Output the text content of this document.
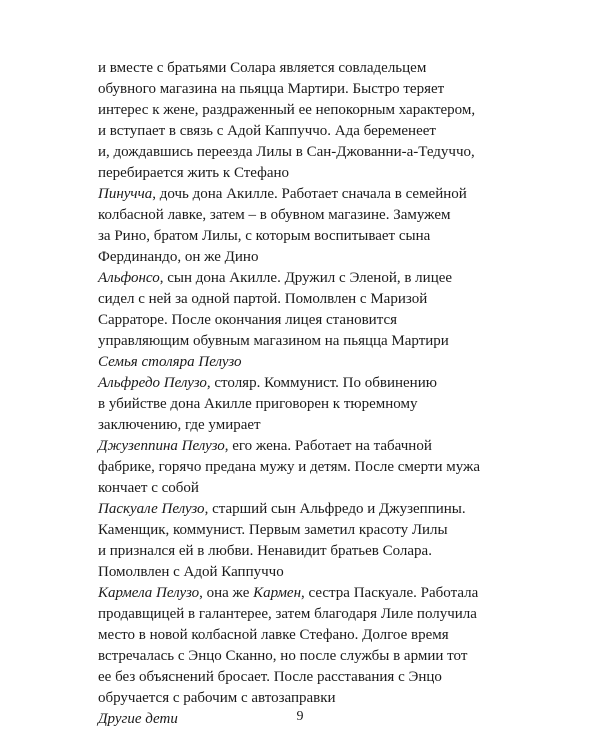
и вместе с братьями Солара является совладельцем
обувного магазина на пьяцца Мартири. Быстро теряет
интерес к жене, раздраженный ее непокорным характером,
и вступает в связь с Адой Каппуччо. Ада беременеет
и, дождавшись переезда Лилы в Сан-Джованни-а-Тедуччо,
перебирается жить к Стефано
Пинучча, дочь дона Акилле. Работает сначала в семейной
колбасной лавке, затем – в обувном магазине. Замужем
за Рино, братом Лилы, с которым воспитывает сына
Фердинандо, он же Дино
Альфонсо, сын дона Акилле. Дружил с Эленой, в лицее
сидел с ней за одной партой. Помолвлен с Маризой
Сарраторе. После окончания лицея становится
управляющим обувным магазином на пьяцца Мартири
Семья столяра Пелузо
Альфредо Пелузо, столяр. Коммунист. По обвинению
в убийстве дона Акилле приговорен к тюремному
заключению, где умирает
Джузеппина Пелузо, его жена. Работает на табачной
фабрике, горячо предана мужу и детям. После смерти мужа
кончает с собой
Паскуале Пелузо, старший сын Альфредо и Джузеппины.
Каменщик, коммунист. Первым заметил красоту Лилы
и признался ей в любви. Ненавидит братьев Солара.
Помолвлен с Адой Каппуччо
Кармела Пелузо, она же Кармен, сестра Паскуале. Работала
продавщицей в галантерее, затем благодаря Лиле получила
место в новой колбасной лавке Стефано. Долгое время
встречалась с Энцо Сканно, но после службы в армии тот
ее без объяснений бросает. После расставания с Энцо
обручается с рабочим с автозаправки
Другие дети	9
